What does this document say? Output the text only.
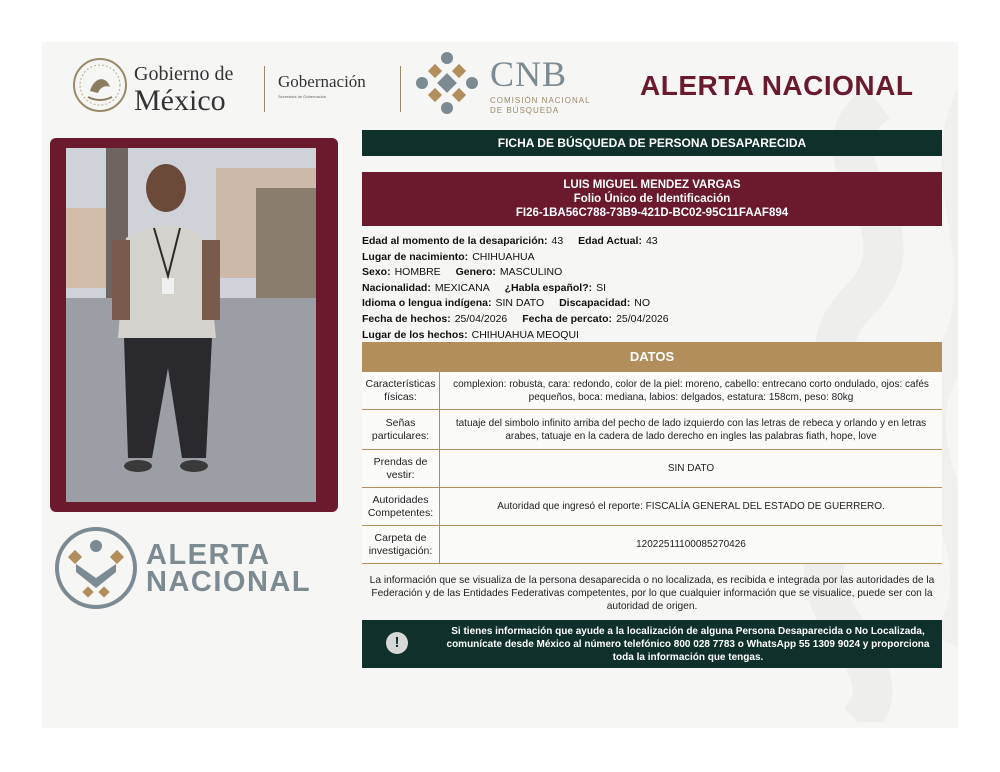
Gobierno de
México
Gobernación
Secretaría de Gobernación
CNB
COMISIÓN NACIONAL DE BÚSQUEDA
ALERTA NACIONAL
ALERTA
NACIONAL
FICHA DE BÚSQUEDA DE PERSONA DESAPARECIDA
LUIS MIGUEL MENDEZ VARGAS
Folio Único de Identificación
FI26-1BA56C788-73B9-421D-BC02-95C11FAAF894
Edad al momento de la desaparición: 43 Edad Actual: 43
Lugar de nacimiento: CHIHUAHUA
Sexo: HOMBRE Genero: MASCULINO
Nacionalidad: MEXICANA ¿Habla español?: SI
Idioma o lengua indígena: SIN DATO Discapacidad: NO
Fecha de hechos: 25/04/2026 Fecha de percato: 25/04/2026
Lugar de los hechos: CHIHUAHUA MEOQUI
DATOS
Características físicas:
complexion: robusta, cara: redondo, color de la piel: moreno, cabello: entrecano corto ondulado, ojos: cafés pequeños, boca: mediana, labios: delgados, estatura: 158cm, peso: 80kg
Señas particulares:
tatuaje del simbolo infinito arriba del pecho de lado izquierdo con las letras de rebeca y orlando y en letras arabes, tatuaje en la cadera de lado derecho en ingles las palabras fiath, hope, love
Prendas de vestir:	SIN DATO
Autoridades Competentes:	Autoridad que ingresó el reporte: FISCALÍA GENERAL DEL ESTADO DE GUERRERO.
Carpeta de investigación:	12022511100085270426
La información que se visualiza de la persona desaparecida o no localizada, es recibida e integrada por las autoridades de la Federación y de las Entidades Federativas competentes, por lo que cualquier información que se visualice, puede ser con la autoridad de origen.
!
Si tienes información que ayude a la localización de alguna Persona Desaparecida o No Localizada, comunícate desde México al número telefónico 800 028 7783 o WhatsApp 55 1309 9024 y proporciona toda la información que tengas.
